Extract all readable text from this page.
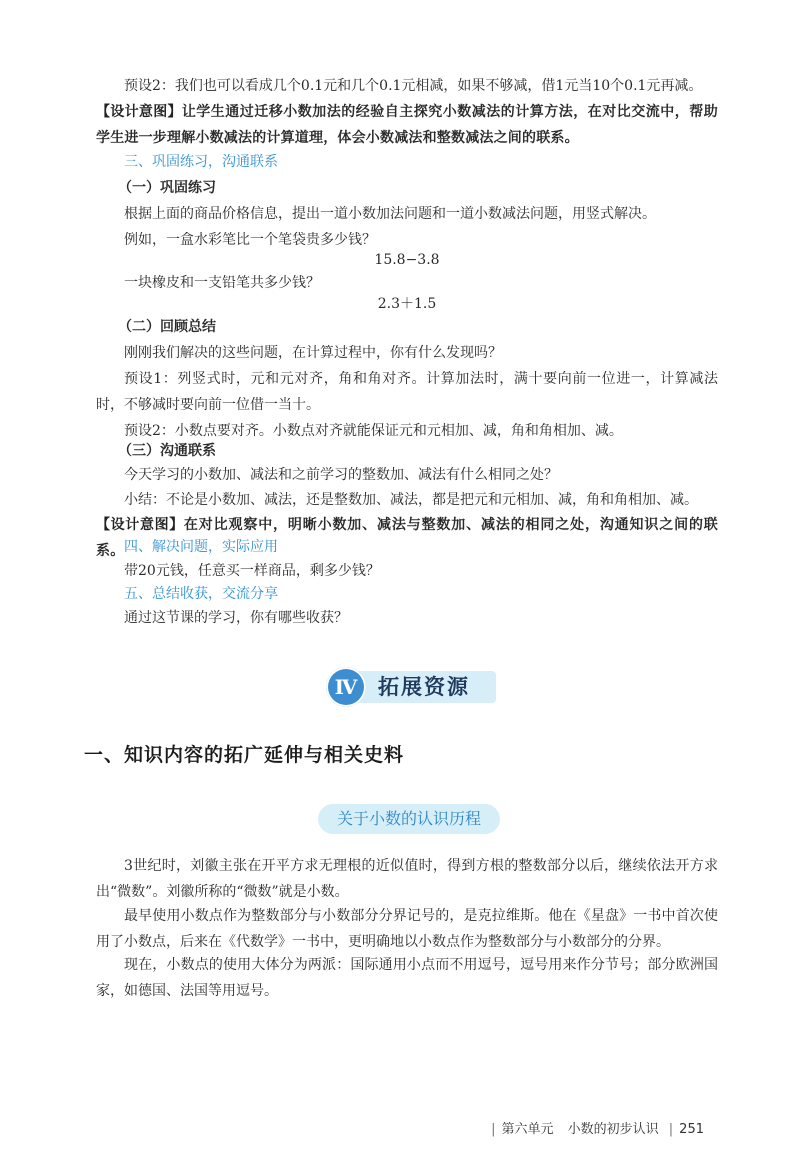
预设2：我们也可以看成几个0.1元和几个0.1元相减，如果不够减，借1元当10个0.1元再减。

【设计意图】让学生通过迁移小数加法的经验自主探究小数减法的计算方法，在对比交流中，帮助学生进一步理解小数减法的计算道理，体会小数减法和整数减法之间的联系。

三、巩固练习，沟通联系
（一）巩固练习

根据上面的商品价格信息，提出一道小数加法问题和一道小数减法问题，用竖式解决。

例如，一盒水彩笔比一个笔袋贵多少钱？

15.8−3.8

一块橡皮和一支铅笔共多少钱？

2.3＋1.5

（二）回顾总结

刚刚我们解决的这些问题，在计算过程中，你有什么发现吗？

预设1：列竖式时，元和元对齐，角和角对齐。计算加法时，满十要向前一位进一，计算减法时，不够减时要向前一位借一当十。

预设2：小数点要对齐。小数点对齐就能保证元和元相加、减，角和角相加、减。

（三）沟通联系

今天学习的小数加、减法和之前学习的整数加、减法有什么相同之处？

小结：不论是小数加、减法，还是整数加、减法，都是把元和元相加、减，角和角相加、减。

【设计意图】在对比观察中，明晰小数加、减法与整数加、减法的相同之处，沟通知识之间的联系。 四、解决问题，实际应用

带20元钱，任意买一样商品，剩多少钱？

五、总结收获，交流分享

通过这节课的学习，你有哪些收获？

Ⅳ 拓展资源
一、知识内容的拓广延伸与相关史料
关于小数的认识历程

3世纪时，刘徽主张在开平方求无理根的近似值时，得到方根的整数部分以后，继续依法开方求出“微数”。刘徽所称的“微数”就是小数。

最早使用小数点作为整数部分与小数部分分界记号的，是克拉维斯。他在《星盘》一书中首次使用了小数点，后来在《代数学》一书中，更明确地以小数点作为整数部分与小数部分的分界。

现在，小数点的使用大体分为两派：国际通用小点而不用逗号，逗号用来作分节号；部分欧洲国家，如德国、法国等用逗号。

| 第六单元 小数的初步认识 | 251
